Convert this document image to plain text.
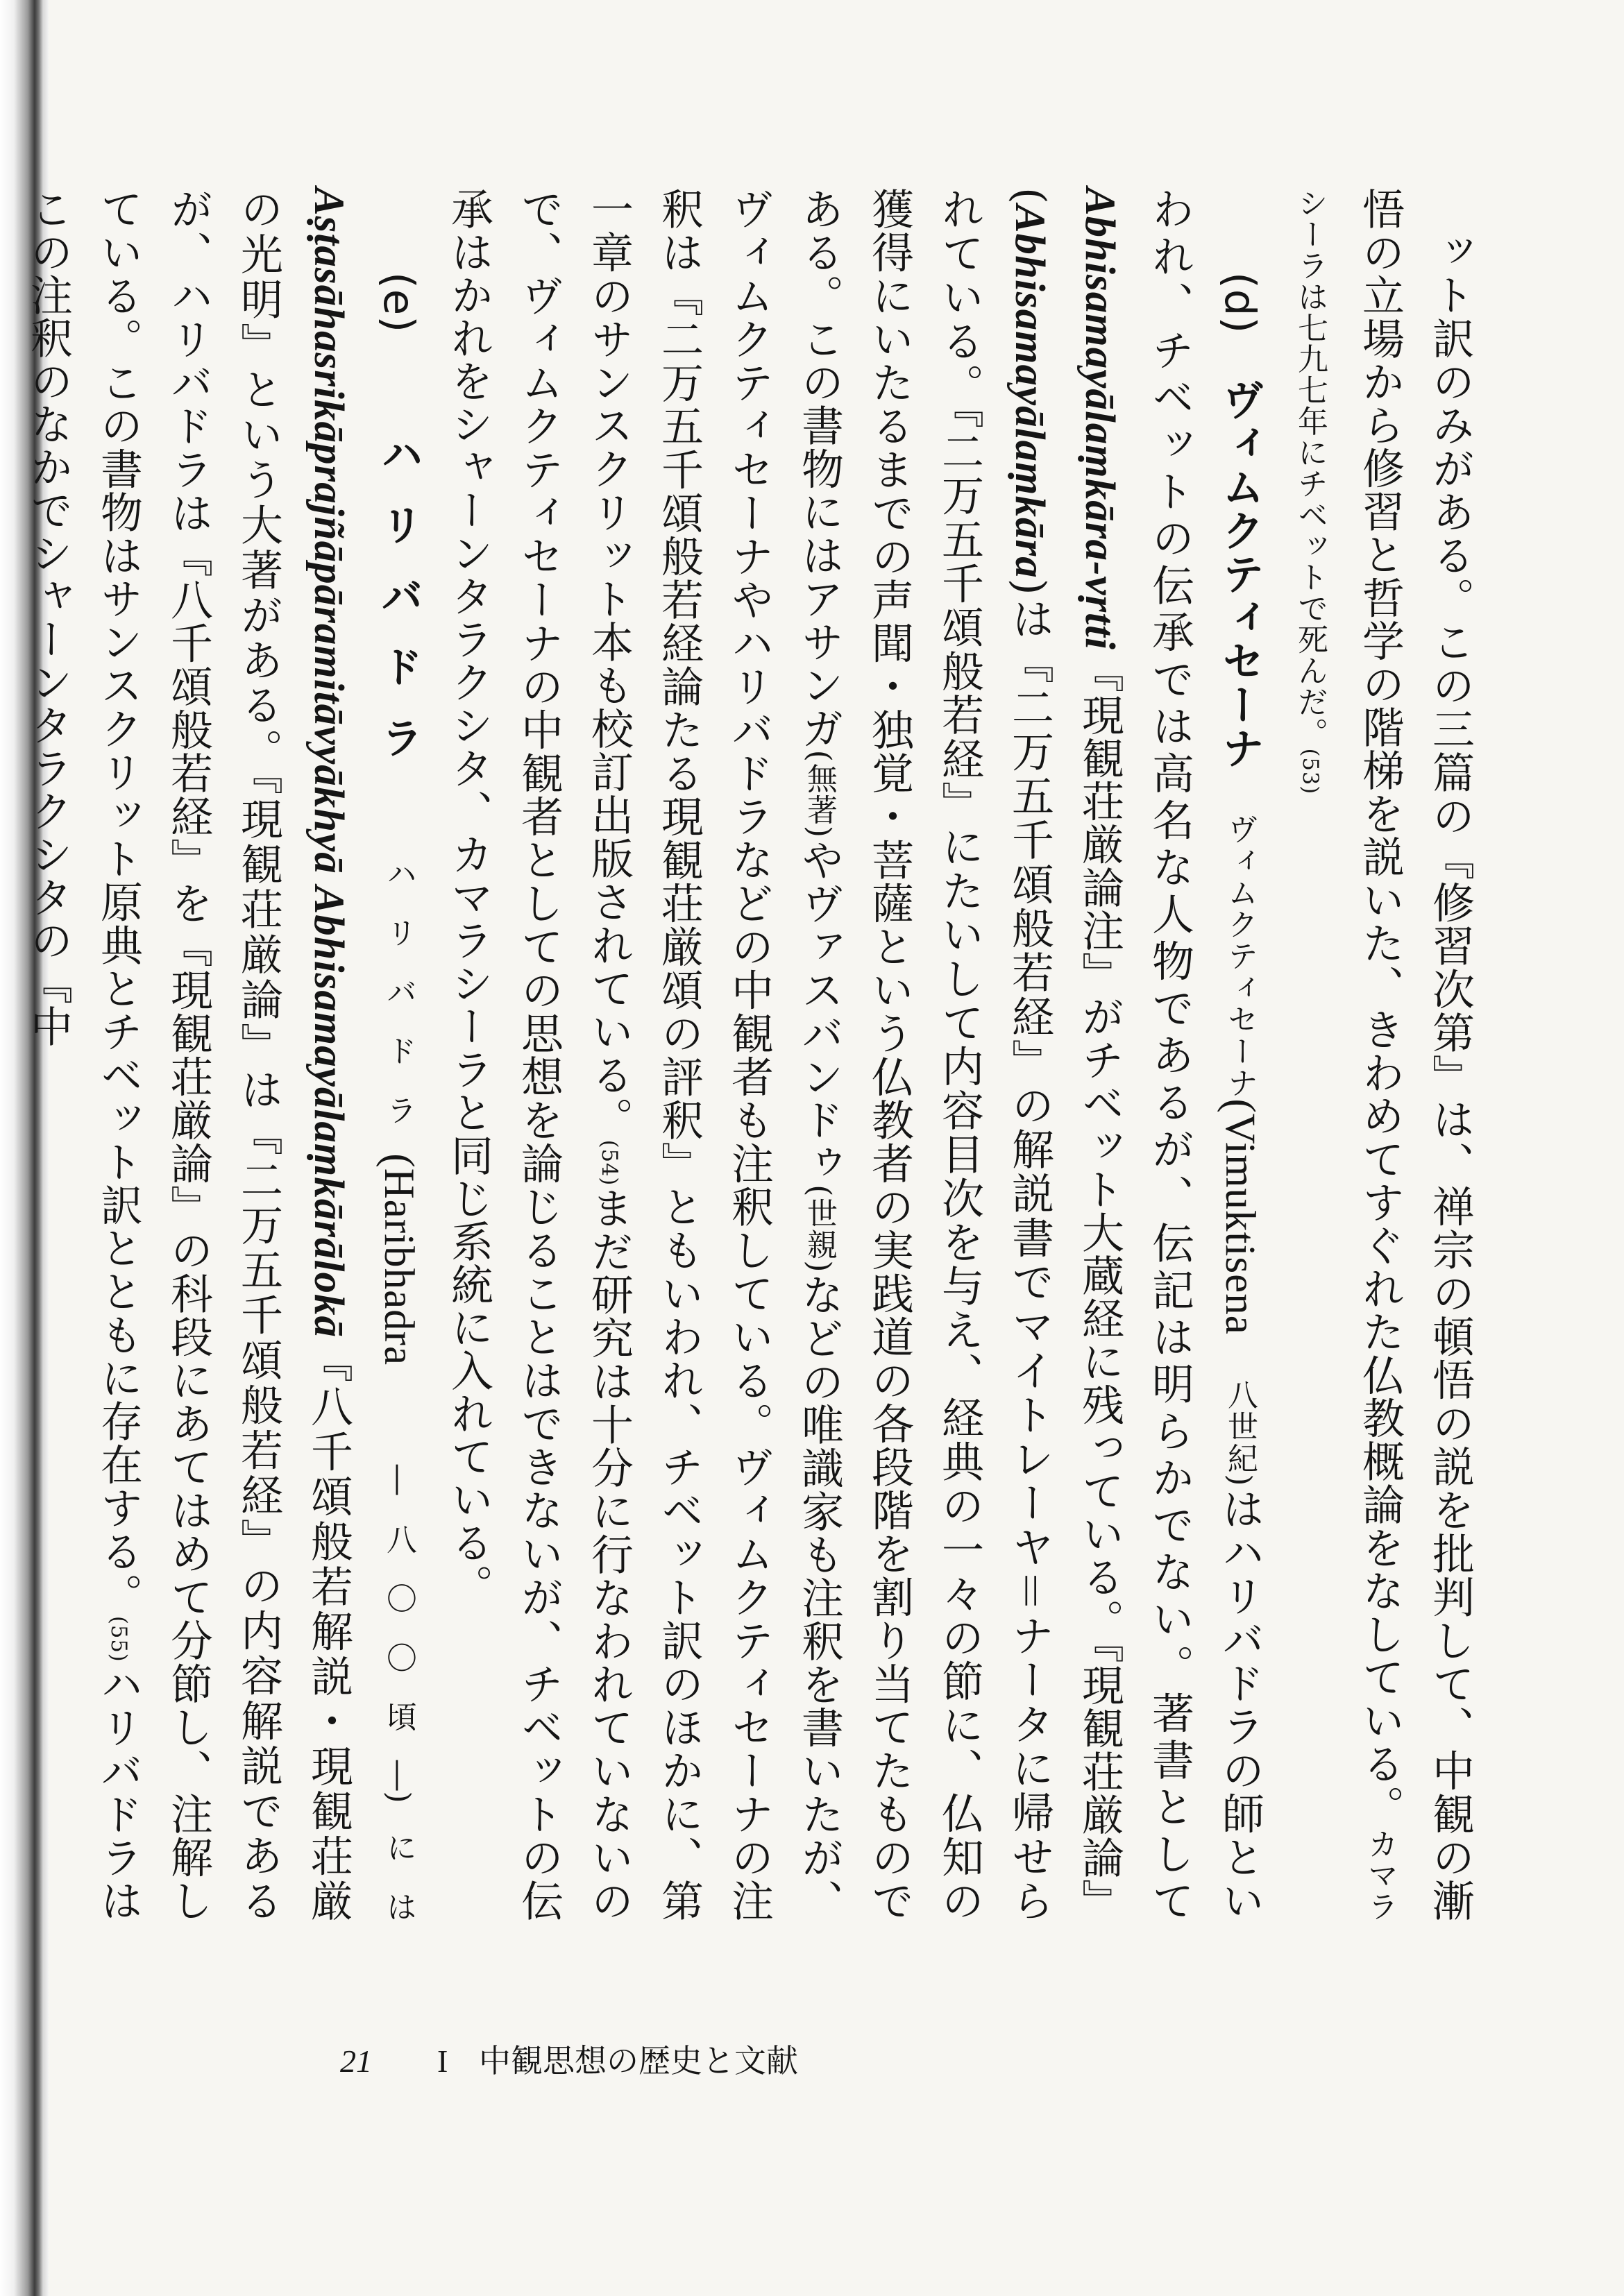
ット訳のみがある。この三篇の『修習次第』は、禅宗の頓悟の説を批判して、中観の漸悟の立場から修習と哲学の階梯を説いた、きわめてすぐれた仏教概論をなしている。カマラシーラは七九七年にチベットで死んだ。(53)

(d)　ヴィムクティセーナ　ヴィムクティセーナ(Vimuktisena　八世紀)はハリバドラの師といわれ、チベットの伝承では高名な人物であるが、伝記は明らかでない。著書としてAbhisamayālaṃkāra-vṛtti『現観荘厳論注』がチベット大蔵経に残っている。『現観荘厳論』(Abhisamayālaṃkāra)は『二万五千頌般若経』の解説書でマイトレーヤ＝ナータに帰せられている。『二万五千頌般若経』にたいして内容目次を与え、経典の一々の節に、仏知の獲得にいたるまでの声聞・独覚・菩薩という仏教者の実践道の各段階を割り当てたものである。この書物にはアサンガ(無著)やヴァスバンドゥ(世親)などの唯識家も注釈を書いたが、ヴィムクティセーナやハリバドラなどの中観者も注釈している。ヴィムクティセーナの注釈は『二万五千頌般若経論たる現観荘厳頌の評釈』ともいわれ、チベット訳のほかに、第一章のサンスクリット本も校訂出版されている。(54)まだ研究は十分に行なわれていないので、ヴィムクティセーナの中観者としての思想を論じることはできないが、チベットの伝承はかれをシャーンタラクシタ、カマラシーラと同じ系統に入れている。

(e)　ハリバドラ　ハリバドラ(Haribhadra　―八〇〇頃―)にはAṣṭasāhasrikāprajñāpāramitāvyākhyā Abhisamayālaṃkārālokā『八千頌般若解説・現観荘厳の光明』という大著がある。『現観荘厳論』は『二万五千頌般若経』の内容解説であるが、ハリバドラは『八千頌般若経』を『現観荘厳論』の科段にあてはめて分節し、注解している。この書物はサンスクリット原典とチベット訳とともに存在する。(55)ハリバドラはこの注釈のなかでシャーンタラクシタの『中

21 I 中観思想の歴史と文献
